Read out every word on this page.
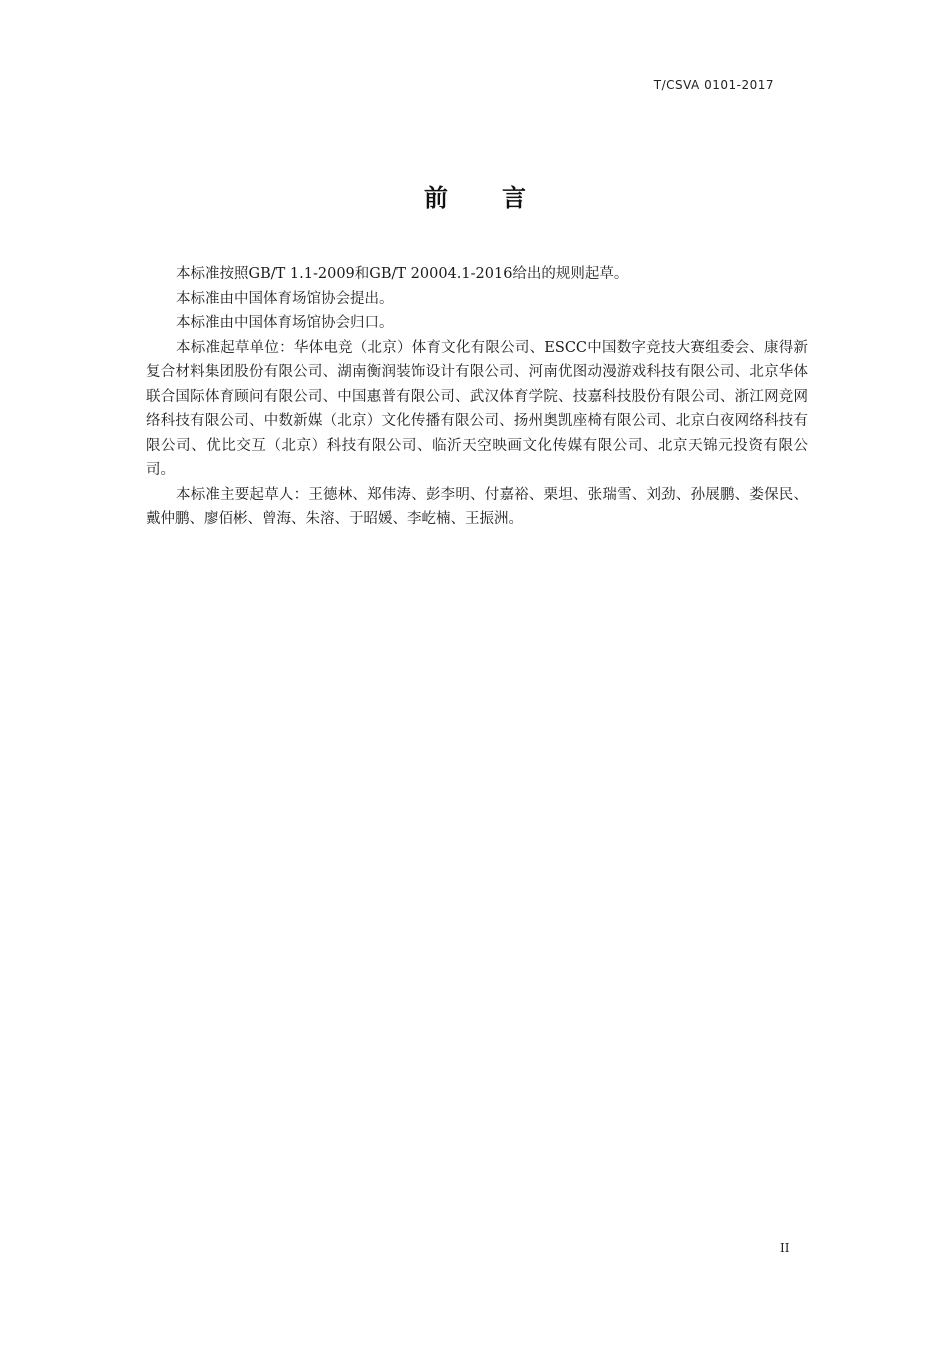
T/CSVA 0101-2017
前 言

本标准按照GB/T 1.1-2009和GB/T 20004.1-2016给出的规则起草。

本标准由中国体育场馆协会提出。

本标准由中国体育场馆协会归口。

本标准起草单位：华体电竞（北京）体育文化有限公司、ESCC中国数字竞技大赛组委会、康得新复合材料集团股份有限公司、湖南衡润装饰设计有限公司、河南优图动漫游戏科技有限公司、北京华体联合国际体育顾问有限公司、中国惠普有限公司、武汉体育学院、技嘉科技股份有限公司、浙江网竞网络科技有限公司、中数新媒（北京）文化传播有限公司、扬州奥凯座椅有限公司、北京白夜网络科技有限公司、优比交互（北京）科技有限公司、临沂天空映画文化传媒有限公司、北京天锦元投资有限公司。

本标准主要起草人：王德林、郑伟涛、彭李明、付嘉裕、栗坦、张瑞雪、刘劲、孙展鹏、娄保民、戴仲鹏、廖佰彬、曾海、朱溶、于昭媛、李屹楠、王振洲。

II
